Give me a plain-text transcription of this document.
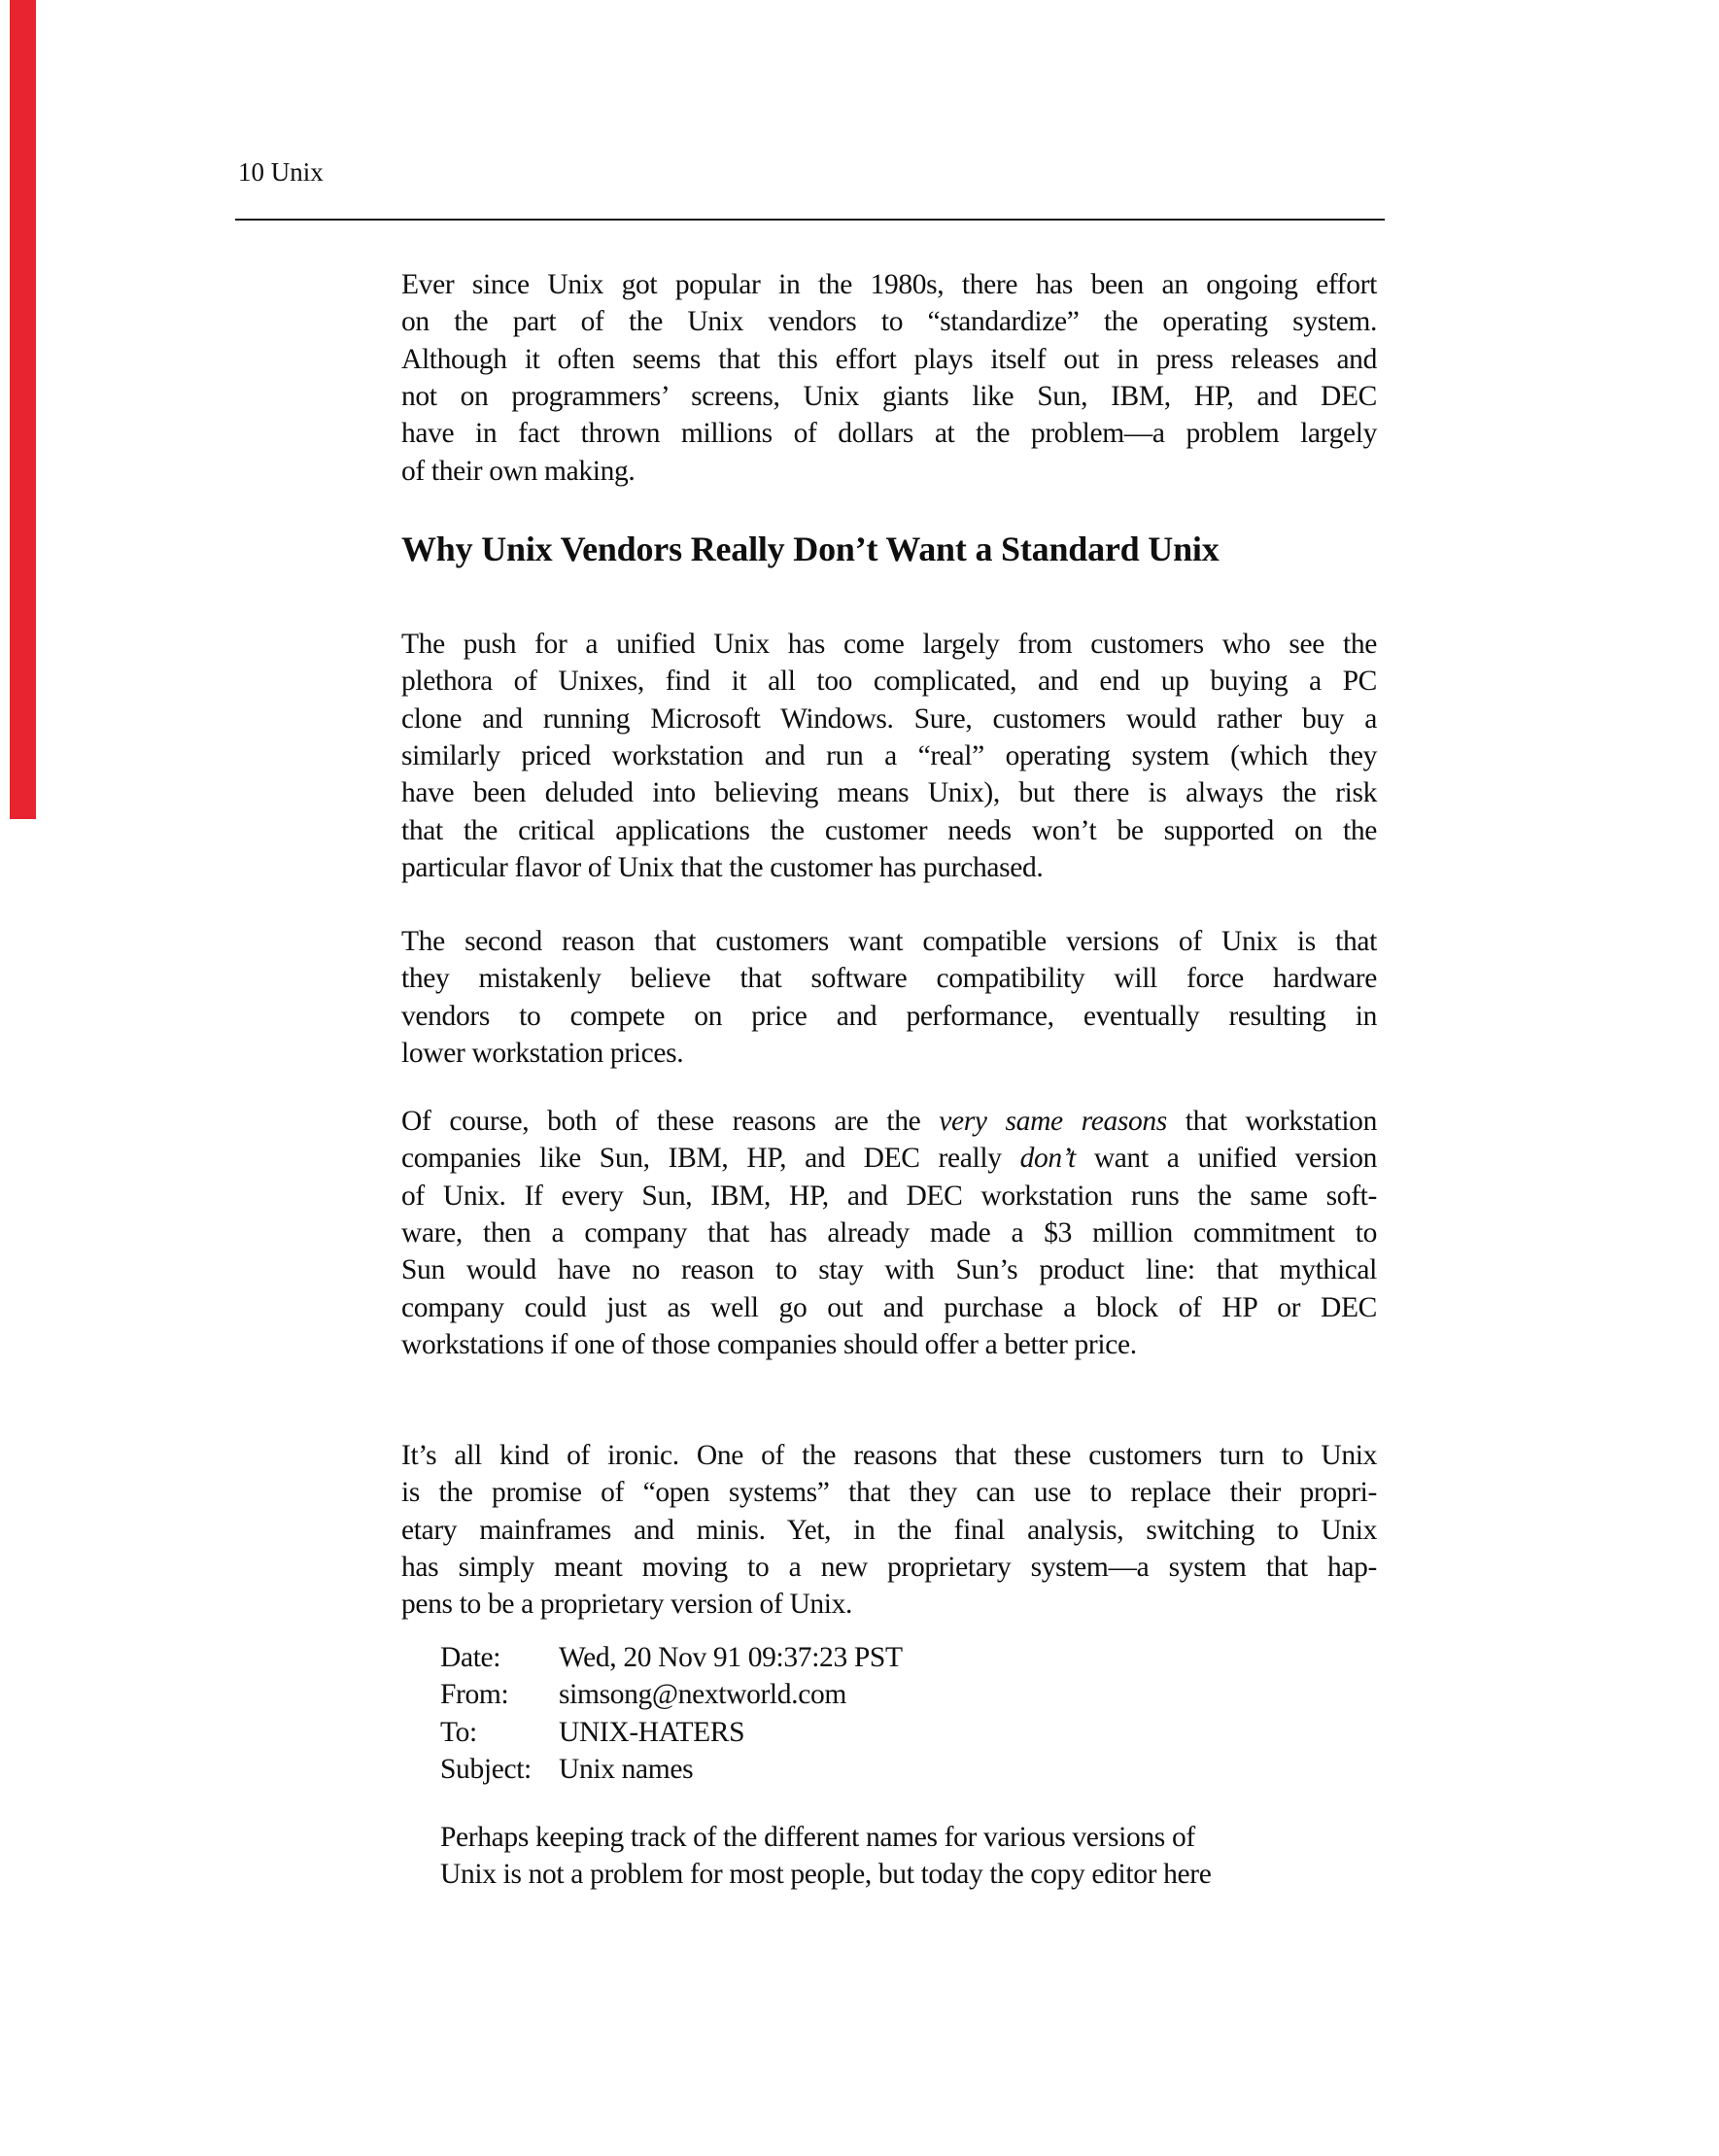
10 Unix
Why Unix Vendors Really Don’t Want a Standard Unix
Ever since Unix got popular in the 1980s, there has been an ongoing effort
on the part of the Unix vendors to “standardize” the operating system.
Although it often seems that this effort plays itself out in press releases and
not on programmers’ screens, Unix giants like Sun, IBM, HP, and DEC
have in fact thrown millions of dollars at the problem—a problem largely
of their own making.
The push for a unified Unix has come largely from customers who see the
plethora of Unixes, find it all too complicated, and end up buying a PC
clone and running Microsoft Windows. Sure, customers would rather buy a
similarly priced workstation and run a “real” operating system (which they
have been deluded into believing means Unix), but there is always the risk
that the critical applications the customer needs won’t be supported on the
particular flavor of Unix that the customer has purchased.
The second reason that customers want compatible versions of Unix is that
they mistakenly believe that software compatibility will force hardware
vendors to compete on price and performance, eventually resulting in
lower workstation prices.
Of course, both of these reasons are the very same reasons that workstation
companies like Sun, IBM, HP, and DEC really don’t want a unified version
of Unix. If every Sun, IBM, HP, and DEC workstation runs the same soft-
ware, then a company that has already made a $3 million commitment to
Sun would have no reason to stay with Sun’s product line: that mythical
company could just as well go out and purchase a block of HP or DEC
workstations if one of those companies should offer a better price.
It’s all kind of ironic. One of the reasons that these customers turn to Unix
is the promise of “open systems” that they can use to replace their propri-
etary mainframes and minis. Yet, in the final analysis, switching to Unix
has simply meant moving to a new proprietary system—a system that hap-
pens to be a proprietary version of Unix.
Date: Wed, 20 Nov 91 09:37:23 PST
From: simsong@nextworld.com
To:	UNIX-HATERS
Subject: Unix names
Perhaps keeping track of the different names for various versions of
Unix is not a problem for most people, but today the copy editor here
